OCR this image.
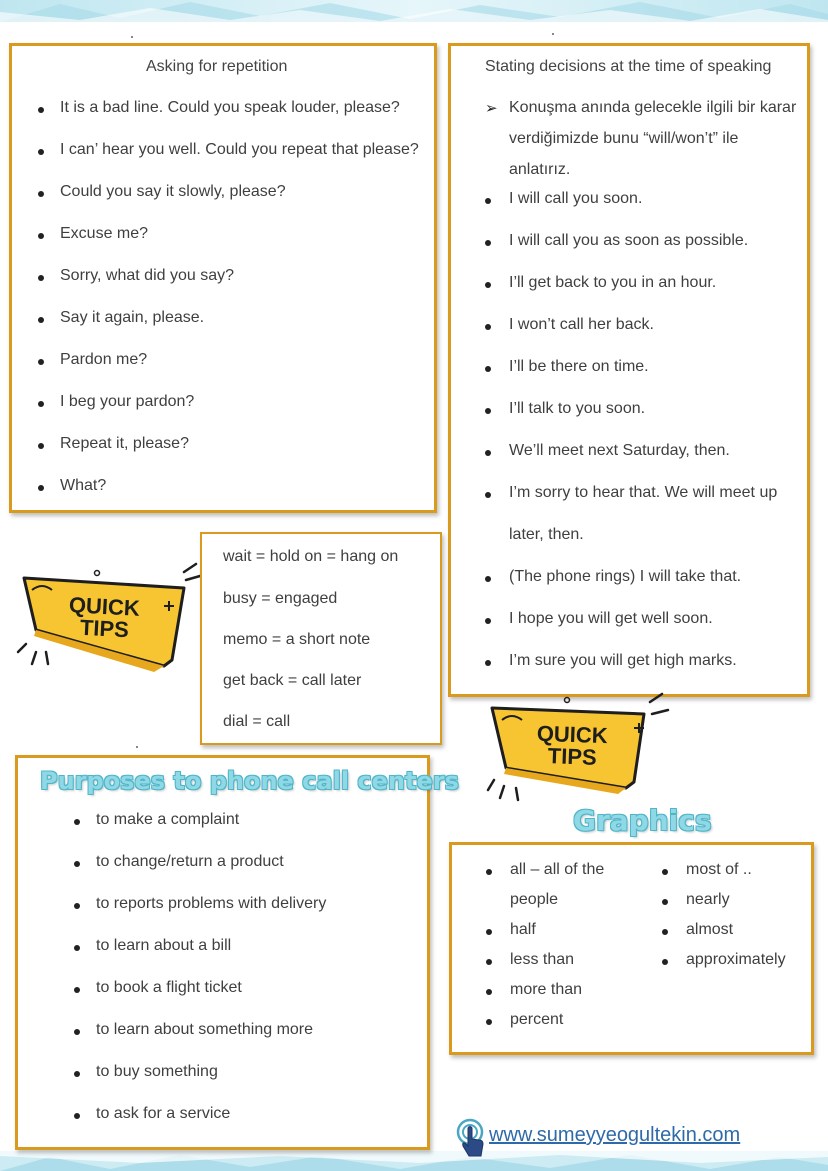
Asking for repetition
It is a bad line. Could you speak louder, please?
I can’ hear you well. Could you repeat that please?
Could you say it slowly, please?
Excuse me?
Sorry, what did you say?
Say it again, please.
Pardon me?
I beg your pardon?
Repeat it, please?
What?
Stating decisions at the time of speaking
➢ Konuşma anında gelecekle ilgili bir karar
verdiğimizde bunu “will/won’t” ile
anlatırız.
I will call you soon.
I will call you as soon as possible.
I’ll get back to you in an hour.
I won’t call her back.
I’ll be there on time.
I’ll talk to you soon.
We’ll meet next Saturday, then.
I’m sorry to hear that. We will meet up
later, then.
(The phone rings) I will take that.
I hope you will get well soon.
I’m sure you will get high marks.
QUICK
TIPS
wait = hold on = hang on
busy = engaged
memo = a short note
get back = call later
dial = call	QUICK
TIPS
Purposes to phone call centers
to make a complaint
to change/return a product
to reports problems with delivery
to learn about a bill
to book a flight ticket
to learn about something more
to buy something
to ask for a service
Graphics
all – all of the
people
half
less than
more than
percent
most of ..
nearly
almost
approximately
www.sumeyyeogultekin.com
